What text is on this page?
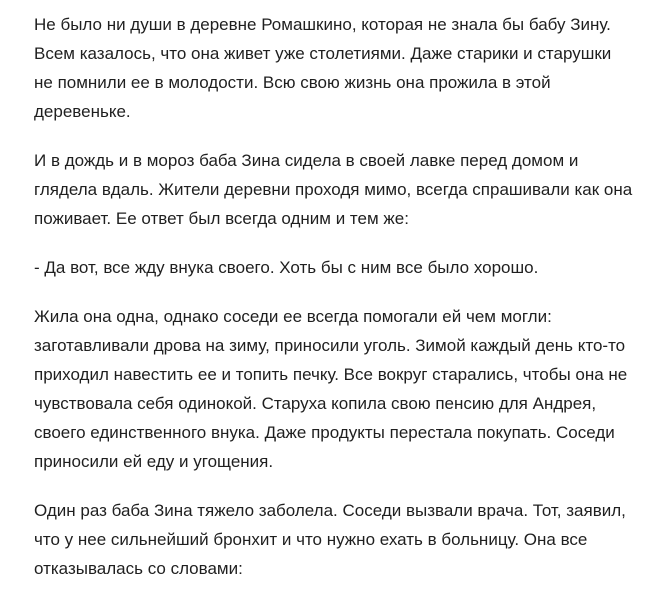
Не было ни души в деревне Ромашкино, которая не знала бы бабу Зину.
Всем казалось, что она живет уже столетиями. Даже старики и старушки
не помнили ее в молодости. Всю свою жизнь она прожила в этой
деревеньке.

И в дождь и в мороз баба Зина сидела в своей лавке перед домом и
глядела вдаль. Жители деревни проходя мимо, всегда спрашивали как она
поживает. Ее ответ был всегда одним и тем же:

- Да вот, все жду внука своего. Хоть бы с ним все было хорошо.

Жила она одна, однако соседи ее всегда помогали ей чем могли:
заготавливали дрова на зиму, приносили уголь. Зимой каждый день кто-то
приходил навестить ее и топить печку. Все вокруг старались, чтобы она не
чувствовала себя одинокой. Старуха копила свою пенсию для Андрея,
своего единственного внука. Даже продукты перестала покупать. Соседи
приносили ей еду и угощения.

Один раз баба Зина тяжело заболела. Соседи вызвали врача. Тот, заявил,
что у нее сильнейший бронхит и что нужно ехать в больницу. Она все
отказывалась со словами:
